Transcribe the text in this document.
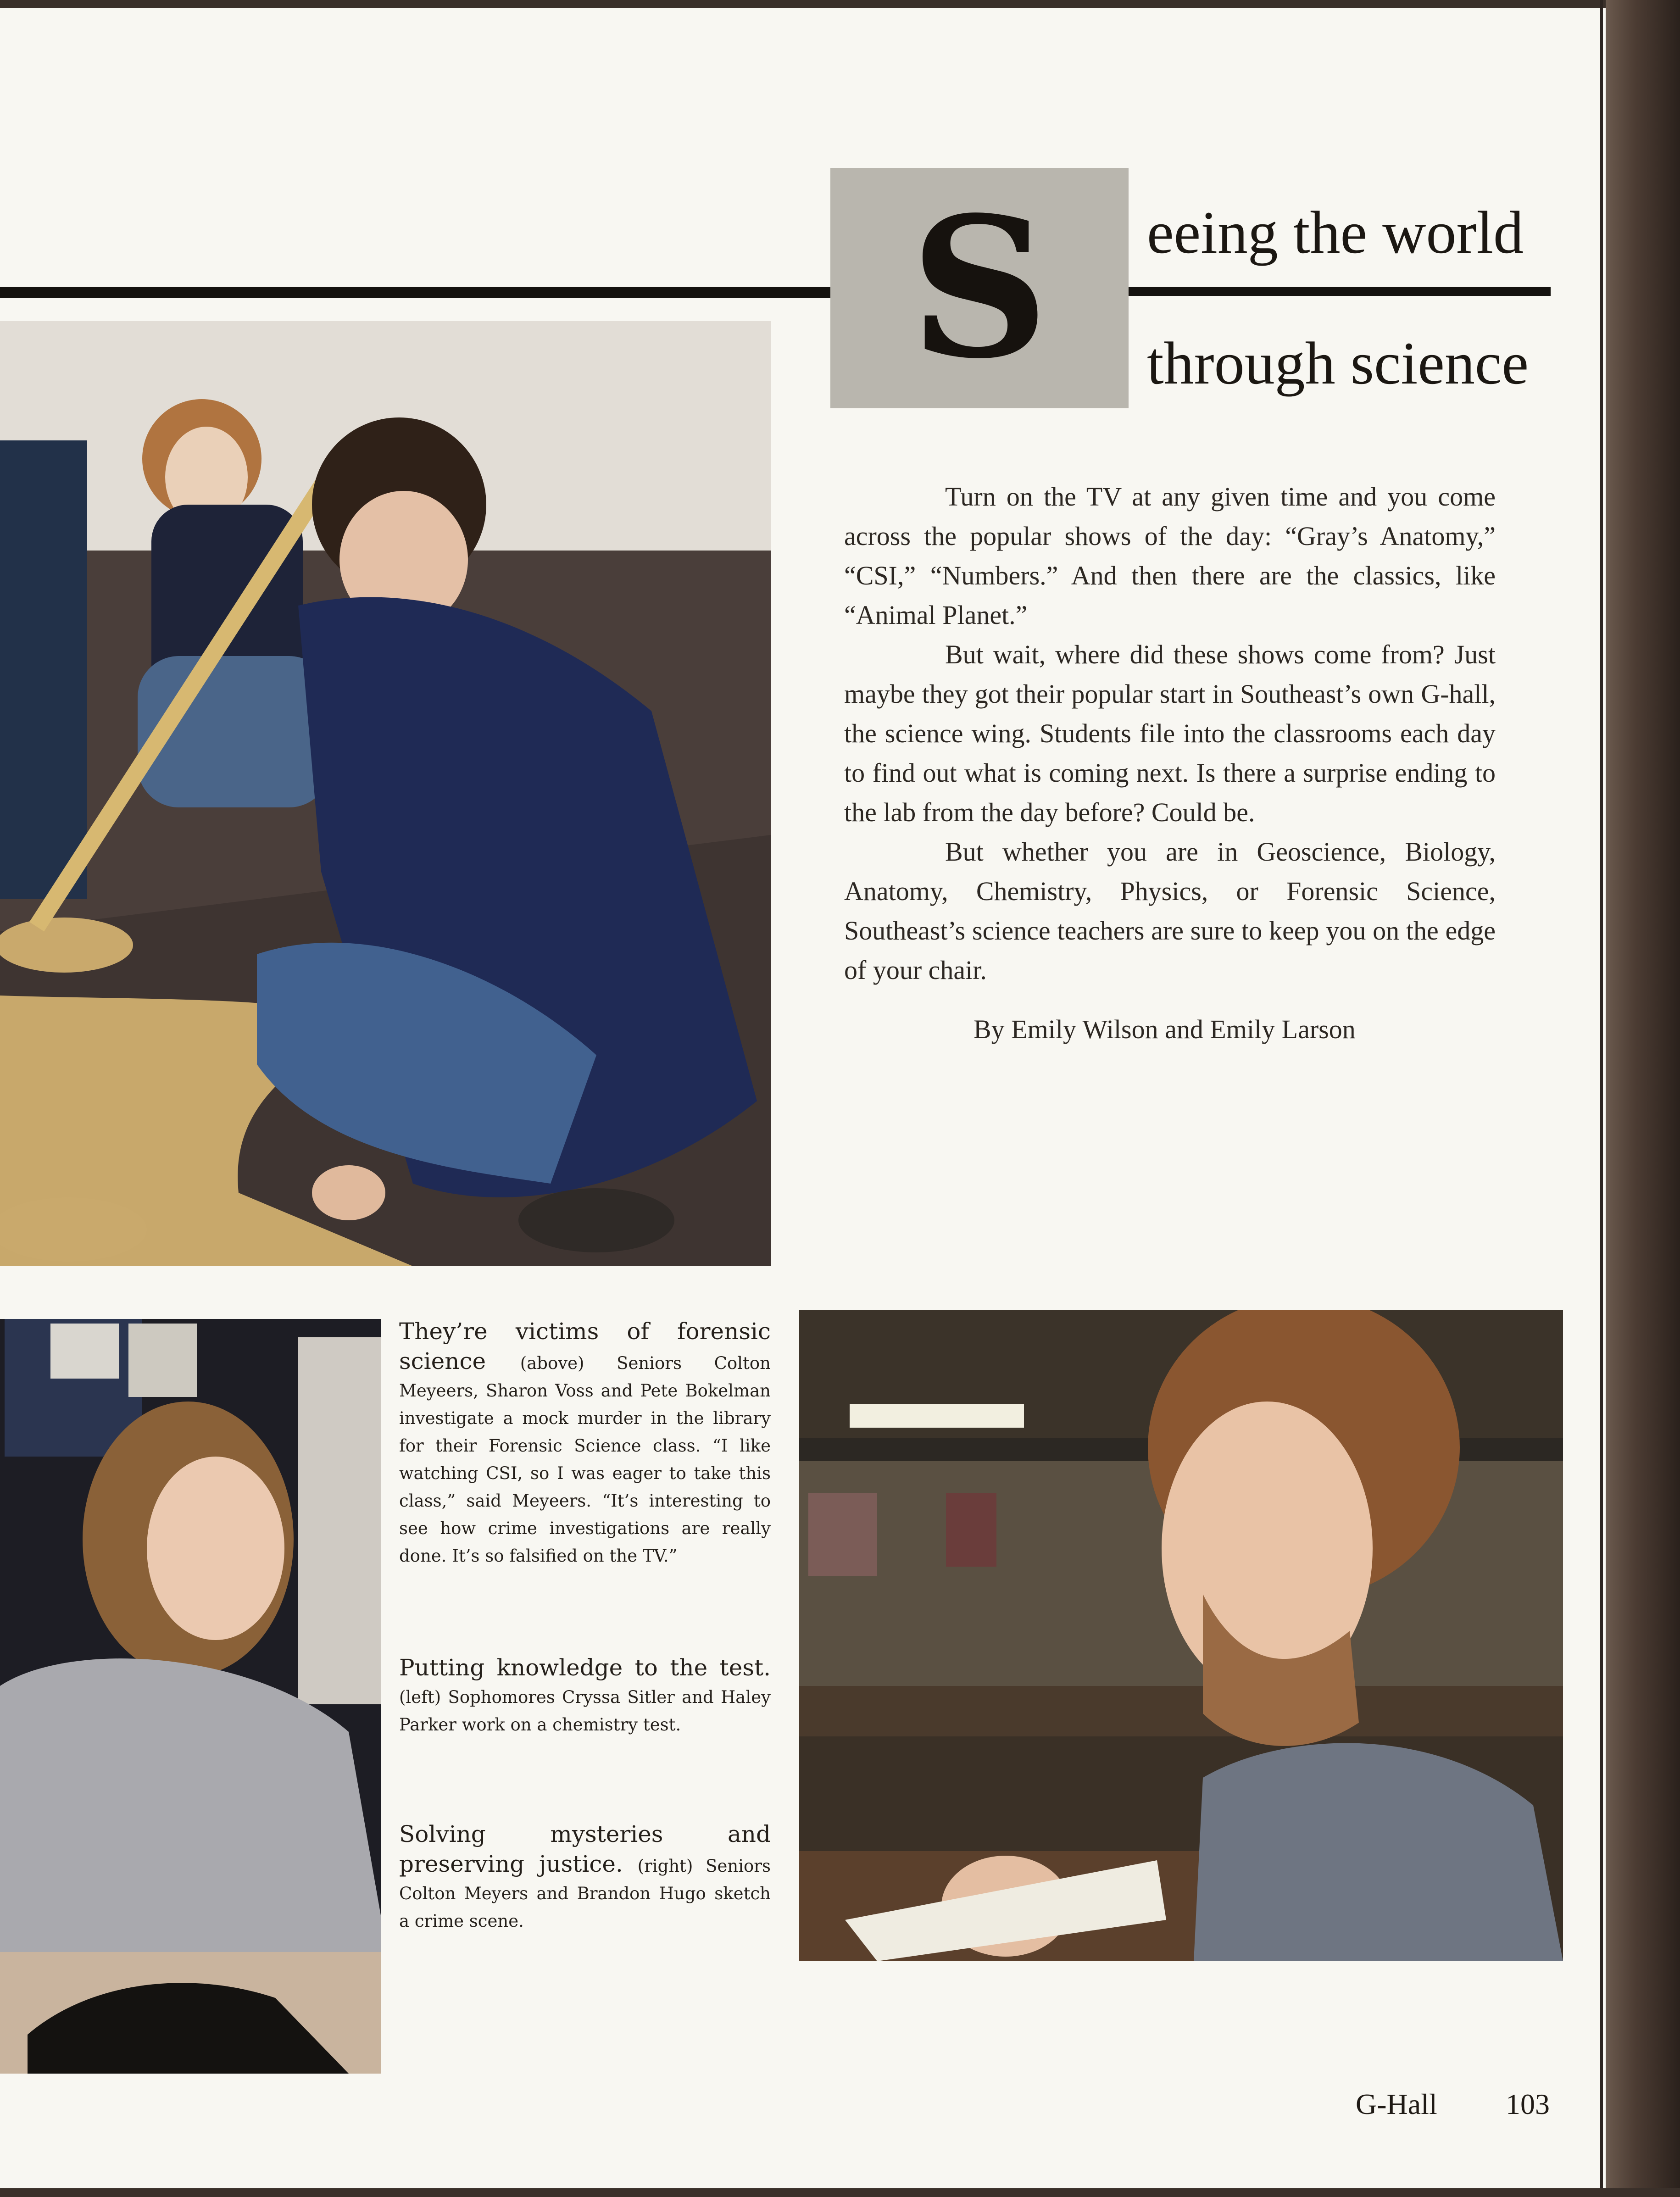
S	eeing the world
through science

Turn on the TV at any given time and you come across the popular shows of the day: “Gray’s Anatomy,” “CSI,” “Numbers.” And then there are the classics, like “Animal Planet.”

But wait, where did these shows come from? Just maybe they got their popular start in Southeast’s own G-hall, the science wing. Students file into the classrooms each day to find out what is coming next. Is there a surprise ending to the lab from the day before? Could be.

But whether you are in Geoscience, Biology, Anatomy, Chemistry, Physics, or Forensic Science, Southeast’s science teachers are sure to keep you on the edge of your chair.

By Emily Wilson and Emily Larson
They’re victims of forensic science (above) Seniors Colton Meyeers, Sharon Voss and Pete Bokelman investigate a mock murder in the library for their Forensic Science class. “I like watching CSI, so I was eager to take this class,” said Meyeers. “It’s interesting to see how crime investigations are really done. It’s so falsified on the TV.”
Putting knowledge to the test. (left) Sophomores Cryssa Sitler and Haley Parker work on a chemistry test.
Solving mysteries and preserving justice. (right) Seniors Colton Meyers and Brandon Hugo sketch a crime scene.
G-Hall 103
